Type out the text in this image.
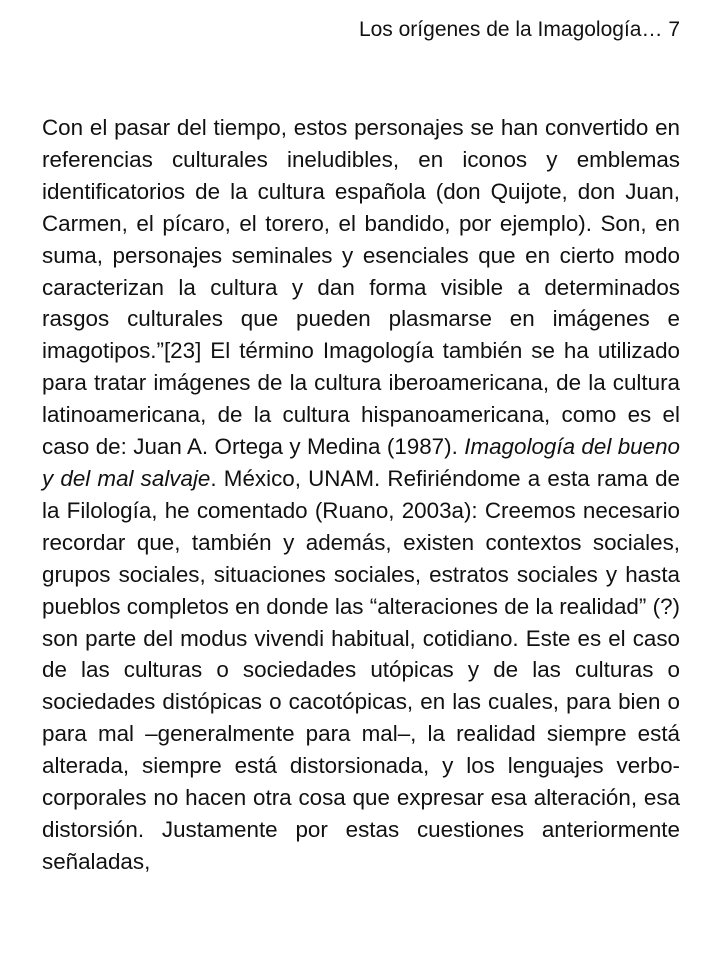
Los orígenes de la Imagología… 7

Con el pasar del tiempo, estos personajes se han convertido en referencias culturales ineludibles, en iconos y emblemas identificatorios de la cultura española (don Quijote, don Juan, Carmen, el pícaro, el torero, el bandido, por ejemplo). Son, en suma, personajes seminales y esenciales que en cierto modo caracterizan la cultura y dan forma visible a determinados rasgos culturales que pueden plasmarse en imágenes e imagotipos.”[23] El término Imagología también se ha utilizado para tratar imágenes de la cultura iberoamericana, de la cultura latinoamericana, de la cultura hispanoamericana, como es el caso de: Juan A. Ortega y Medina (1987). Imagología del bueno y del mal salvaje. México, UNAM. Refiriéndome a esta rama de la Filología, he comentado (Ruano, 2003a): Creemos necesario recordar que, también y además, existen contextos sociales, grupos sociales, situaciones sociales, estratos sociales y hasta pueblos completos en donde las “alteraciones de la realidad” (?) son parte del modus vivendi habitual, cotidiano. Este es el caso de las culturas o sociedades utópicas y de las culturas o sociedades distópicas o cacotópicas, en las cuales, para bien o para mal –generalmente para mal–, la realidad siempre está alterada, siempre está distorsionada, y los lenguajes verbo-corporales no hacen otra cosa que expresar esa alteración, esa distorsión. Justamente por estas cuestiones anteriormente señaladas,
